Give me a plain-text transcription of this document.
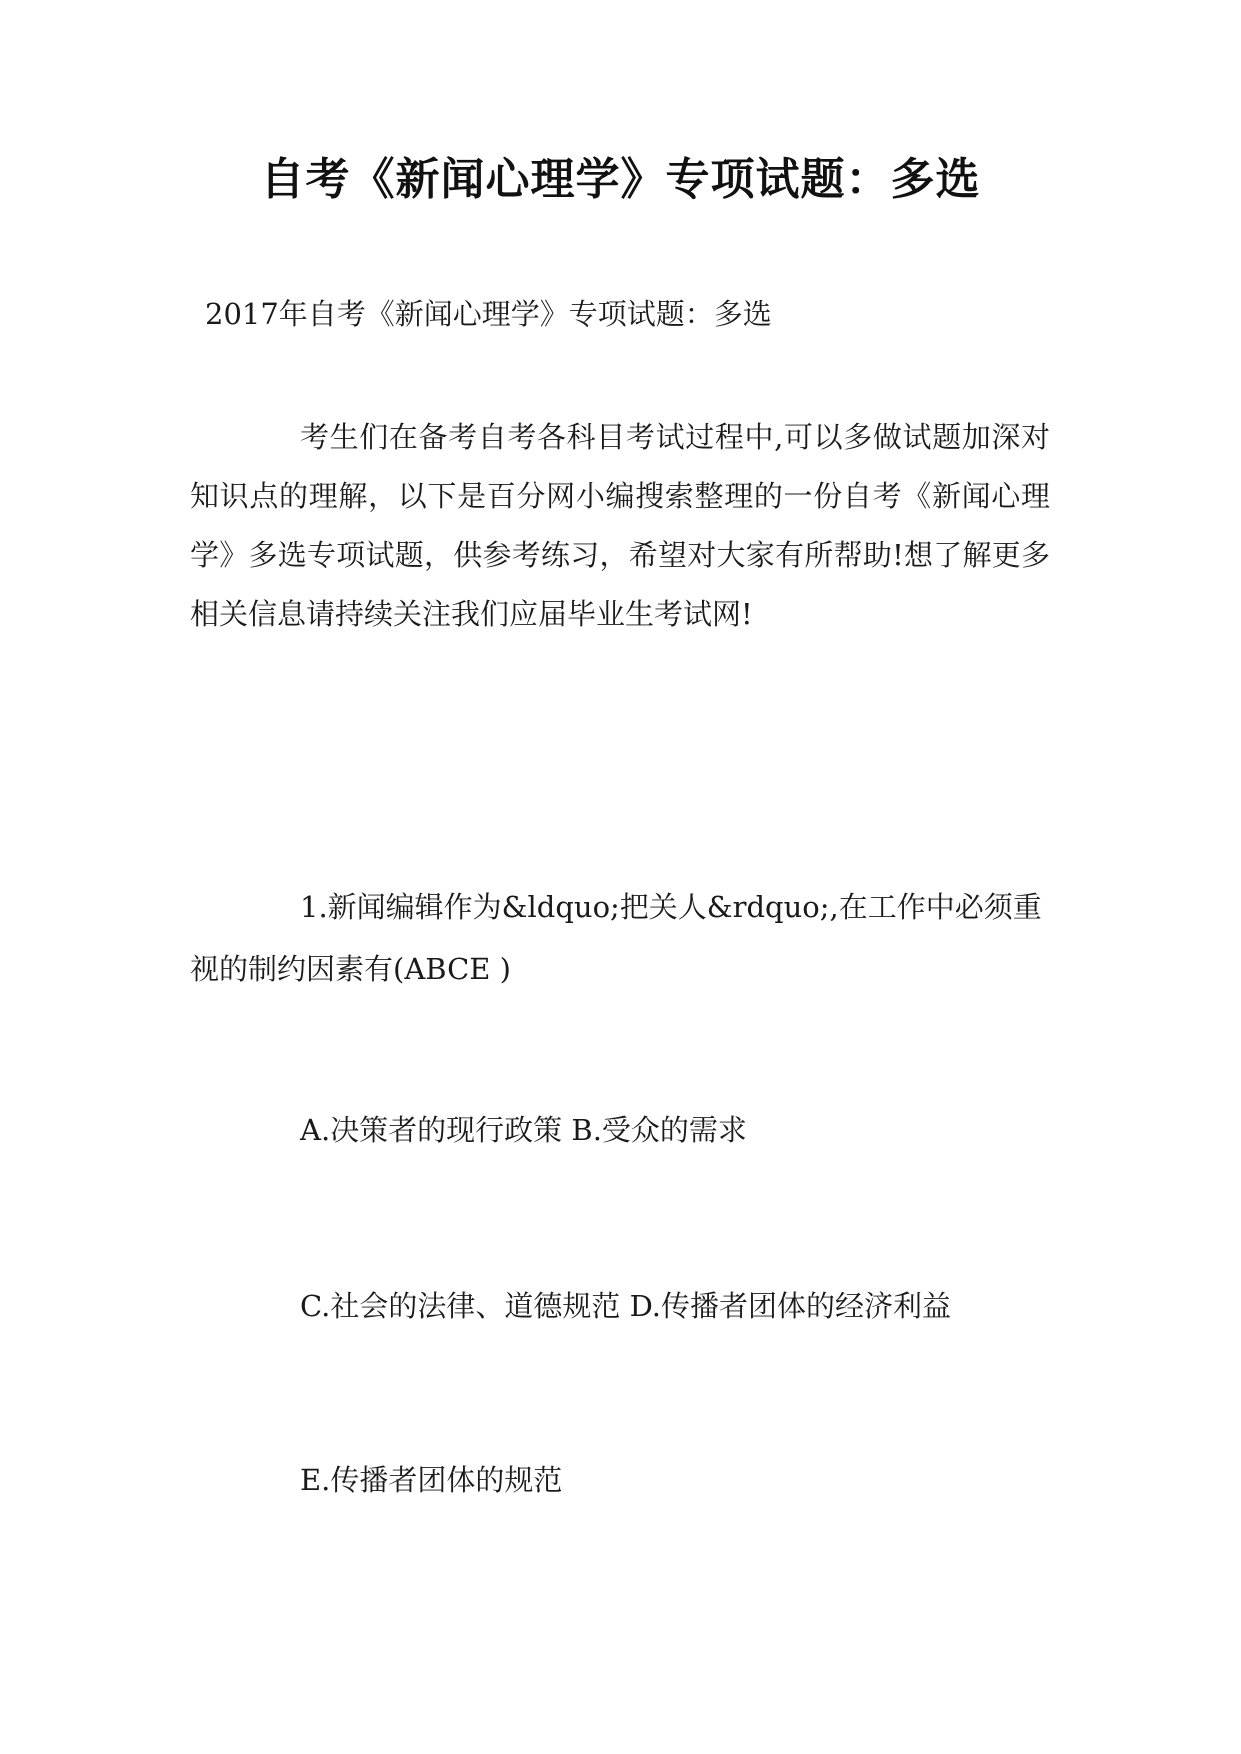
自考《新闻心理学》专项试题：多选

2017年自考《新闻心理学》专项试题：多选

考生们在备考自考各科目考试过程中,可以多做试题加深对知识点的理解，以下是百分网小编搜索整理的一份自考《新闻心理学》多选专项试题，供参考练习，希望对大家有所帮助!想了解更多相关信息请持续关注我们应届毕业生考试网!

1.新闻编辑作为&ldquo;把关人&rdquo;,在工作中必须重视的制约因素有(ABCE )

A.决策者的现行政策 B.受众的需求

C.社会的法律、道德规范 D.传播者团体的经济利益

E.传播者团体的规范
